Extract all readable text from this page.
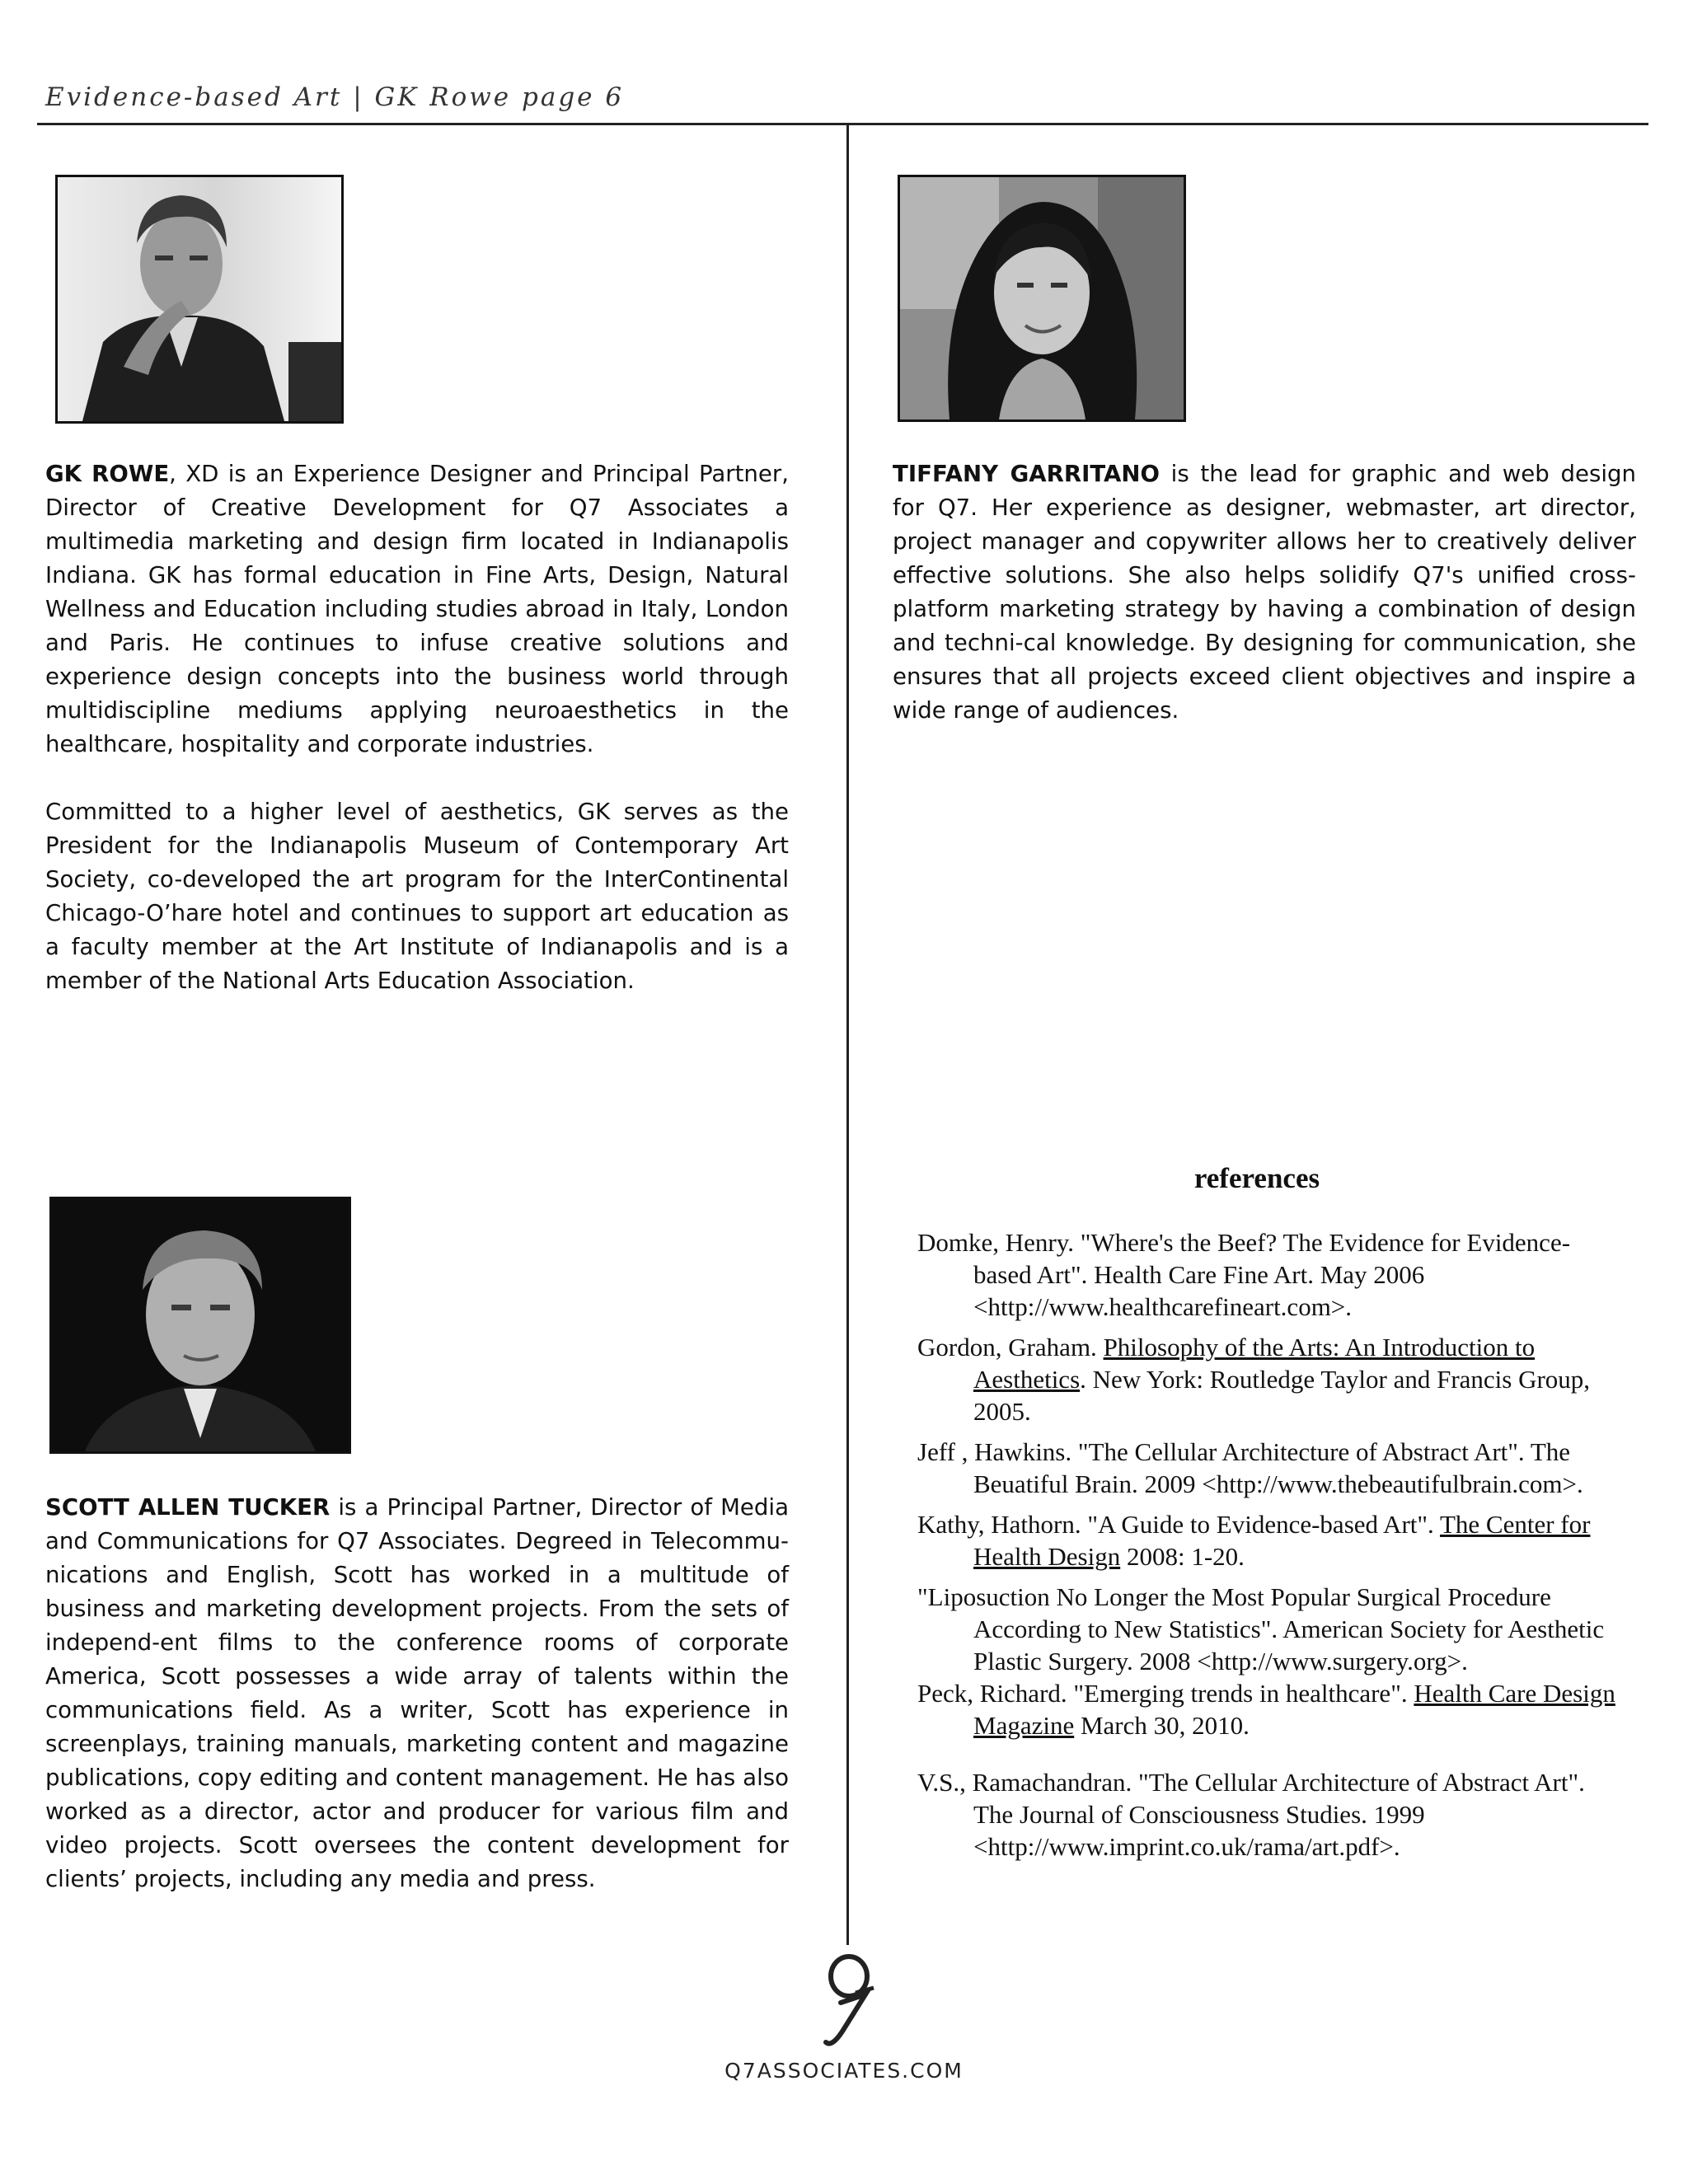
Evidence-based Art | GK Rowe page 6

GK ROWE, XD is an Experience Designer and Principal Partner, Director of Creative Development for Q7 Associates a multimedia marketing and design firm located in Indianapolis Indiana. GK has formal education in Fine Arts, Design, Natural Wellness and Education including studies abroad in Italy, London and Paris. He continues to infuse creative solutions and experience design concepts into the business world through multidiscipline mediums applying neuroaesthetics in the healthcare, hospitality and corporate industries.

Committed to a higher level of aesthetics, GK serves as the President for the Indianapolis Museum of Contemporary Art Society, co-developed the art program for the InterContinental Chicago-O’hare hotel and continues to support art education as a faculty member at the Art Institute of Indianapolis and is a member of the National Arts Education Association.

TIFFANY GARRITANO is the lead for graphic and web design for Q7. Her experience as designer, webmaster, art director, project manager and copywriter allows her to creatively deliver effective solutions. She also helps solidify Q7's unified cross-platform marketing strategy by having a combination of design and techni-cal knowledge. By designing for communication, she ensures that all projects exceed client objectives and inspire a wide range of audiences.

SCOTT ALLEN TUCKER is a Principal Partner, Director of Media and Communications for Q7 Associates. Degreed in Telecommu-nications and English, Scott has worked in a multitude of business and marketing development projects. From the sets of independ-ent films to the conference rooms of corporate America, Scott possesses a wide array of talents within the communications field. As a writer, Scott has experience in screenplays, training manuals, marketing content and magazine publications, copy editing and content management. He has also worked as a director, actor and producer for various film and video projects. Scott oversees the content development for clients’ projects, including any media and press.

references

Domke, Henry. "Where's the Beef? The Evidence for Evidence-based Art". Health Care Fine Art. May 2006 <http://www.healthcarefineart.com>.

Gordon, Graham. Philosophy of the Arts: An Introduction to Aesthetics. New York: Routledge Taylor and Francis Group, 2005.

Jeff , Hawkins. "The Cellular Architecture of Abstract Art". The Beuatiful Brain. 2009 <http://www.thebeautifulbrain.com>.

Kathy, Hathorn. "A Guide to Evidence-based Art". The Center for Health Design 2008: 1-20.

"Liposuction No Longer the Most Popular Surgical Procedure According to New Statistics". American Society for Aesthetic Plastic Surgery. 2008 <http://www.surgery.org>.

Peck, Richard. "Emerging trends in healthcare". Health Care Design Magazine March 30, 2010.

V.S., Ramachandran. "The Cellular Architecture of Abstract Art". The Journal of Consciousness Studies. 1999 <http://www.imprint.co.uk/rama/art.pdf>.

Q7ASSOCIATES.COM
